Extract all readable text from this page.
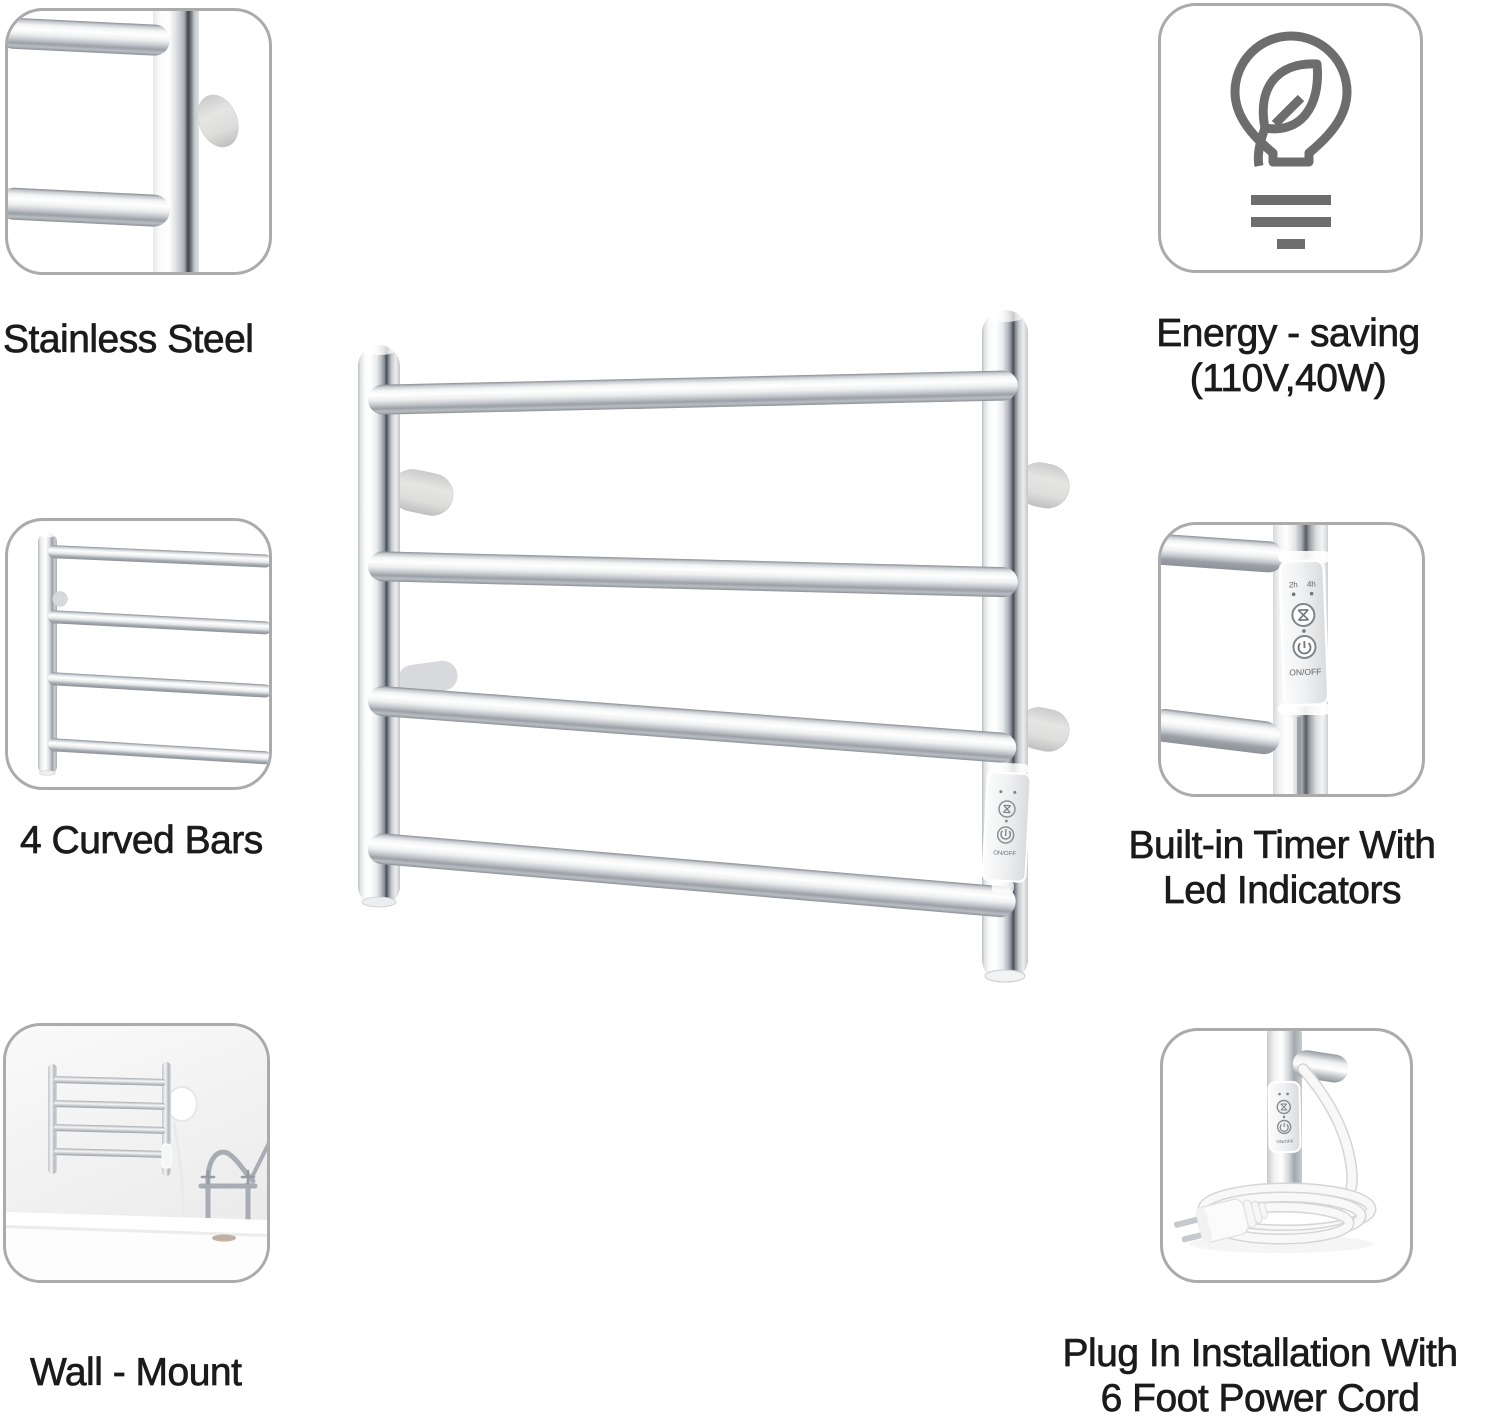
Stainless Steel
4 Curved Bars
Wall - Mount
Energy - saving
(110V,40W)
2h 4h
ON/OFF
Built-in Timer With
Led Indicators
ON/OFF
Plug In Installation With
6 Foot Power Cord
ON/OFF
